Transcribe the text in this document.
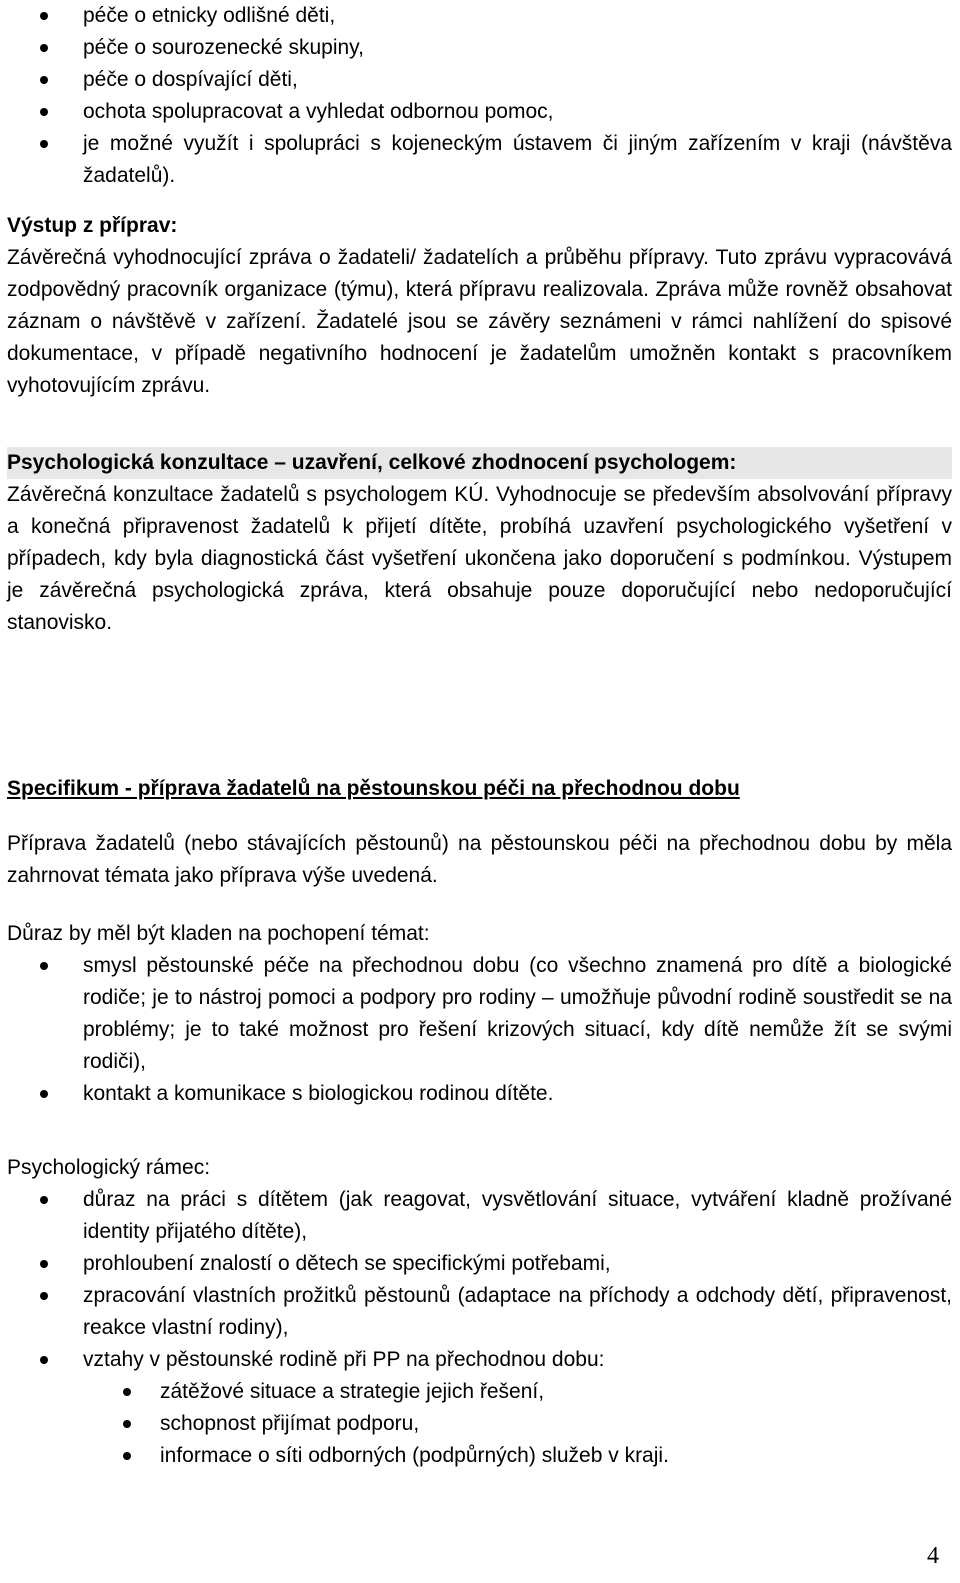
péče o etnicky odlišné děti,
péče o sourozenecké skupiny,
péče o dospívající děti,
ochota spolupracovat a vyhledat odbornou pomoc,
je možné využít i spolupráci s kojeneckým ústavem či jiným zařízením v kraji (návštěva žadatelů).
Výstup z příprav:

Závěrečná vyhodnocující zpráva o žadateli/ žadatelích a průběhu přípravy. Tuto zprávu vypracovává zodpovědný pracovník organizace (týmu), která přípravu realizovala. Zpráva může rovněž obsahovat záznam o návštěvě v zařízení. Žadatelé jsou se závěry seznámeni v rámci nahlížení do spisové dokumentace, v případě negativního hodnocení je žadatelům umožněn kontakt s pracovníkem vyhotovujícím zprávu.

Psychologická konzultace – uzavření, celkové zhodnocení psychologem:

Závěrečná konzultace žadatelů s psychologem KÚ. Vyhodnocuje se především absolvování přípravy a konečná připravenost žadatelů k přijetí dítěte, probíhá uzavření psychologického vyšetření v případech, kdy byla diagnostická část vyšetření ukončena jako doporučení s podmínkou. Výstupem je závěrečná psychologická zpráva, která obsahuje pouze doporučující nebo nedoporučující stanovisko.

Specifikum - příprava žadatelů na pěstounskou péči na přechodnou dobu

Příprava žadatelů (nebo stávajících pěstounů) na pěstounskou péči na přechodnou dobu by měla zahrnovat témata jako příprava výše uvedená.

Důraz by měl být kladen na pochopení témat:
smysl pěstounské péče na přechodnou dobu (co všechno znamená pro dítě a biologické rodiče; je to nástroj pomoci a podpory pro rodiny – umožňuje původní rodině soustředit se na problémy; je to také možnost pro řešení krizových situací, kdy dítě nemůže žít se svými rodiči),
kontakt a komunikace s biologickou rodinou dítěte.
Psychologický rámec:
důraz na práci s dítětem (jak reagovat, vysvětlování situace, vytváření kladně prožívané identity přijatého dítěte),
prohloubení znalostí o dětech se specifickými potřebami,
zpracování vlastních prožitků pěstounů (adaptace na příchody a odchody dětí, připravenost, reakce vlastní rodiny),
vztahy v pěstounské rodině při PP na přechodnou dobu:
zátěžové situace a strategie jejich řešení,
schopnost přijímat podporu,
informace o síti odborných (podpůrných) služeb v kraji.
4
